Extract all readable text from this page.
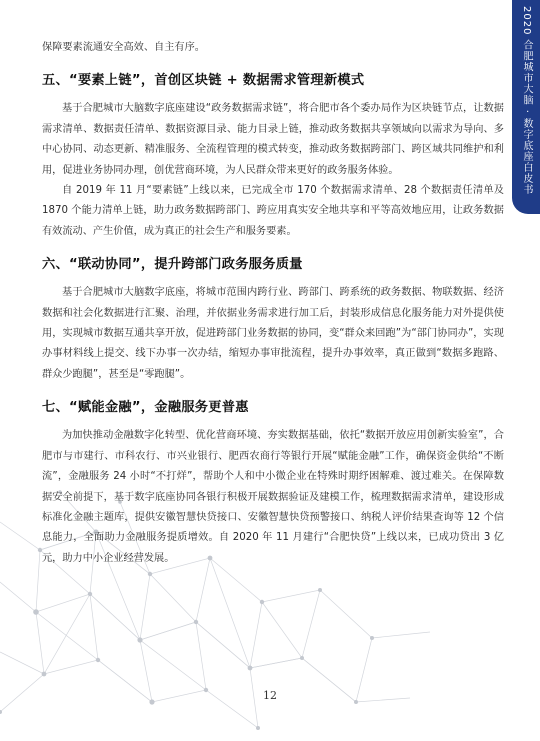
2020 合肥城市大脑 · 数字底座白皮书

保障要素流通安全高效、自主有序。

五、“要素上链”，首创区块链 + 数据需求管理新模式

基于合肥城市大脑数字底座建设“政务数据需求链”，将合肥市各个委办局作为区块链节点，让数据需求清单、数据责任清单、数据资源目录、能力目录上链，推动政务数据共享领域向以需求为导向、多中心协同、动态更新、精准服务、全流程管理的模式转变，推动政务数据跨部门、跨区域共同维护和利用，促进业务协同办理，创优营商环境，为人民群众带来更好的政务服务体验。

自 2019 年 11 月“要素链”上线以来，已完成全市 170 个数据需求清单、28 个数据责任清单及 1870 个能力清单上链，助力政务数据跨部门、跨应用真实安全地共享和平等高效地应用，让政务数据有效流动、产生价值，成为真正的社会生产和服务要素。

六、“联动协同”，提升跨部门政务服务质量

基于合肥城市大脑数字底座，将城市范围内跨行业、跨部门、跨系统的政务数据、物联数据、经济数据和社会化数据进行汇聚、治理，并依据业务需求进行加工后，封装形成信息化服务能力对外提供使用，实现城市数据互通共享开放，促进跨部门业务数据的协同，变“群众来回跑”为“部门协同办”，实现办事材料线上提交、线下办事一次办结，缩短办事审批流程，提升办事效率，真正做到“数据多跑路、群众少跑腿”，甚至是“零跑腿”。

七、“赋能金融”，金融服务更普惠

为加快推动金融数字化转型、优化营商环境、夯实数据基础，依托“数据开放应用创新实验室”，合肥市与市建行、市科农行、市兴业银行、肥西农商行等银行开展“赋能金融”工作，确保资金供给“不断流”，金融服务 24 小时“不打烊”，帮助个人和中小微企业在特殊时期纾困解难、渡过难关。在保障数据安全前提下，基于数字底座协同各银行积极开展数据验证及建模工作，梳理数据需求清单，建设形成标准化金融主题库，提供安徽智慧快贷接口、安徽智慧快贷预警接口、纳税人评价结果查询等 12 个信息能力，全面助力金融服务提质增效。自 2020 年 11 月建行“合肥快贷”上线以来，已成功贷出 3 亿元，助力中小企业经营发展。

12
